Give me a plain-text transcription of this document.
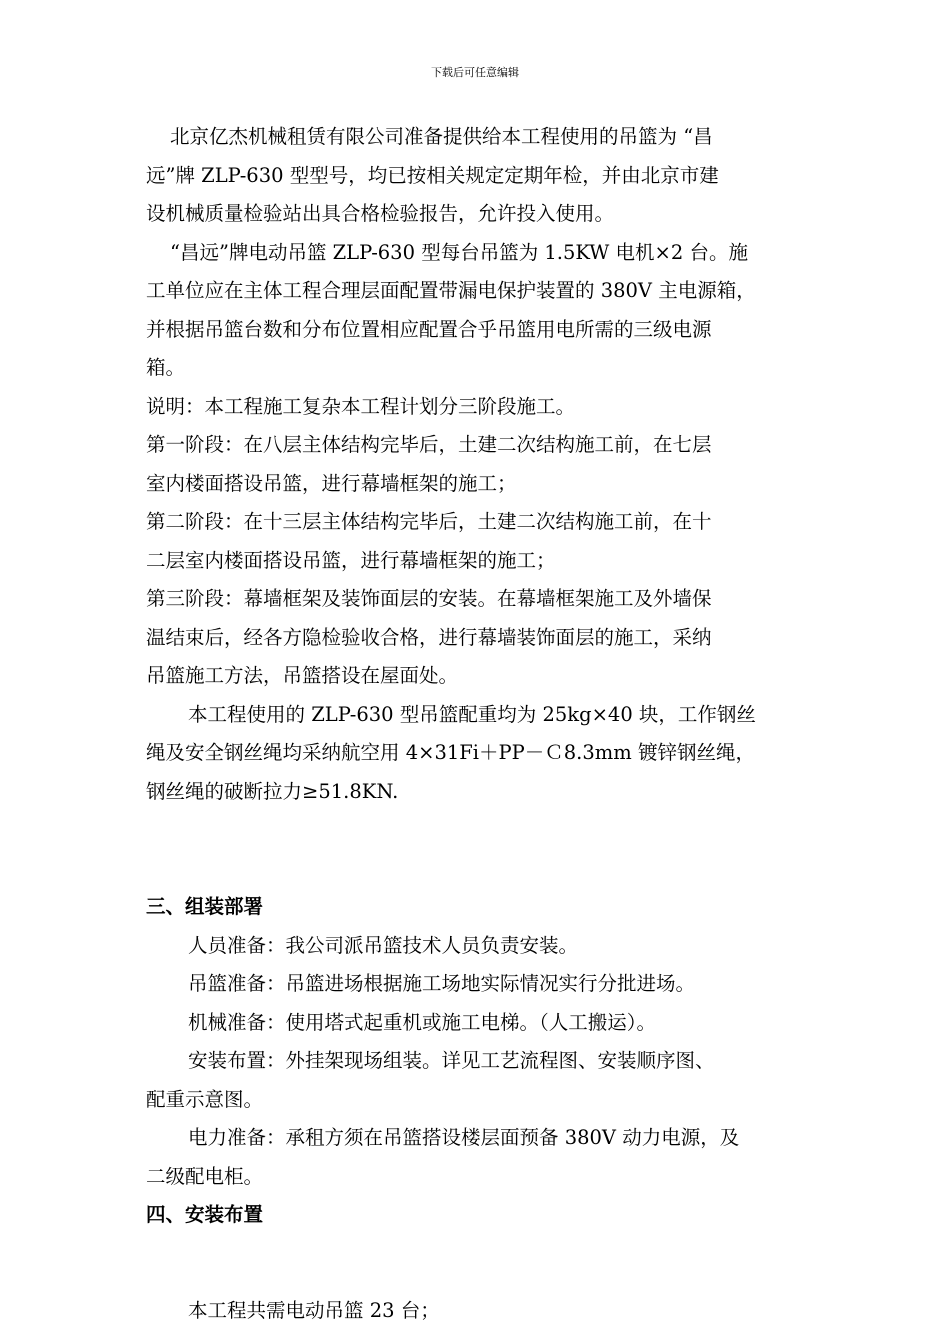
下载后可任意编辑

北京亿杰机械租赁有限公司准备提供给本工程使用的吊篮为 “昌

远”牌 ZLP-630 型型号，均已按相关规定定期年检，并由北京市建

设机械质量检验站出具合格检验报告，允许投入使用。

“昌远”牌电动吊篮 ZLP-630 型每台吊篮为 1.5KW 电机×2 台。施

工单位应在主体工程合理层面配置带漏电保护装置的 380V 主电源箱，

并根据吊篮台数和分布位置相应配置合乎吊篮用电所需的三级电源

箱。

说明：本工程施工复杂本工程计划分三阶段施工。

第一阶段：在八层主体结构完毕后，土建二次结构施工前，在七层

室内楼面搭设吊篮，进行幕墙框架的施工；

第二阶段：在十三层主体结构完毕后，土建二次结构施工前，在十

二层室内楼面搭设吊篮，进行幕墙框架的施工；

第三阶段：幕墙框架及装饰面层的安装。在幕墙框架施工及外墙保

温结束后，经各方隐检验收合格，进行幕墙装饰面层的施工，采纳

吊篮施工方法，吊篮搭设在屋面处。

本工程使用的 ZLP-630 型吊篮配重均为 25kg×40 块，工作钢丝

绳及安全钢丝绳均采纳航空用 4×31Fi＋PP－Ｃ8.3mm 镀锌钢丝绳，

钢丝绳的破断拉力≥51.8KN.

三、组装部署

人员准备：我公司派吊篮技术人员负责安装。

吊篮准备：吊篮进场根据施工场地实际情况实行分批进场。

机械准备：使用塔式起重机或施工电梯。（人工搬运）。

安装布置：外挂架现场组装。详见工艺流程图、安装顺序图、

配重示意图。

电力准备：承租方须在吊篮搭设楼层面预备 380V 动力电源，及

二级配电柜。

四、安装布置

本工程共需电动吊篮 23 台；
